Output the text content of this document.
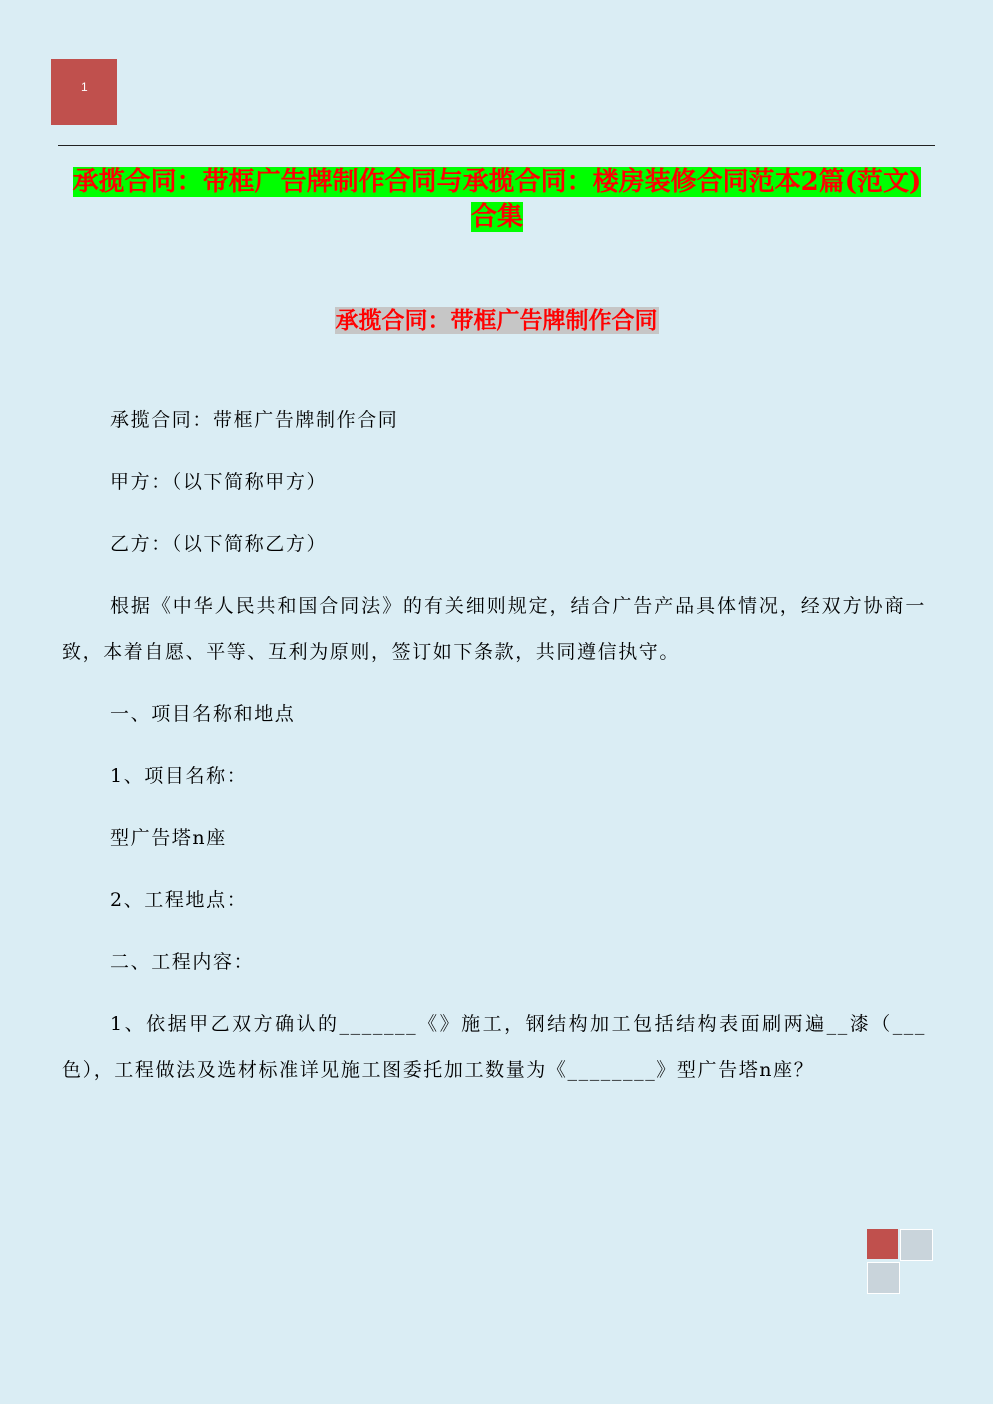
1
承揽合同：带框广告牌制作合同与承揽合同：楼房装修合同范本2篇(范文)合集
承揽合同：带框广告牌制作合同

承揽合同：带框广告牌制作合同

甲方：（以下简称甲方）

乙方：（以下简称乙方）

根据《中华人民共和国合同法》的有关细则规定，结合广告产品具体情况，经双方协商一致，本着自愿、平等、互利为原则，签订如下条款，共同遵信执守。

一、项目名称和地点

1、项目名称：

型广告塔n座

2、工程地点：

二、工程内容：

1、依据甲乙双方确认的_______《》施工，钢结构加工包括结构表面刷两遍__漆（___色），工程做法及选材标准详见施工图委托加工数量为《________》型广告塔n座？
